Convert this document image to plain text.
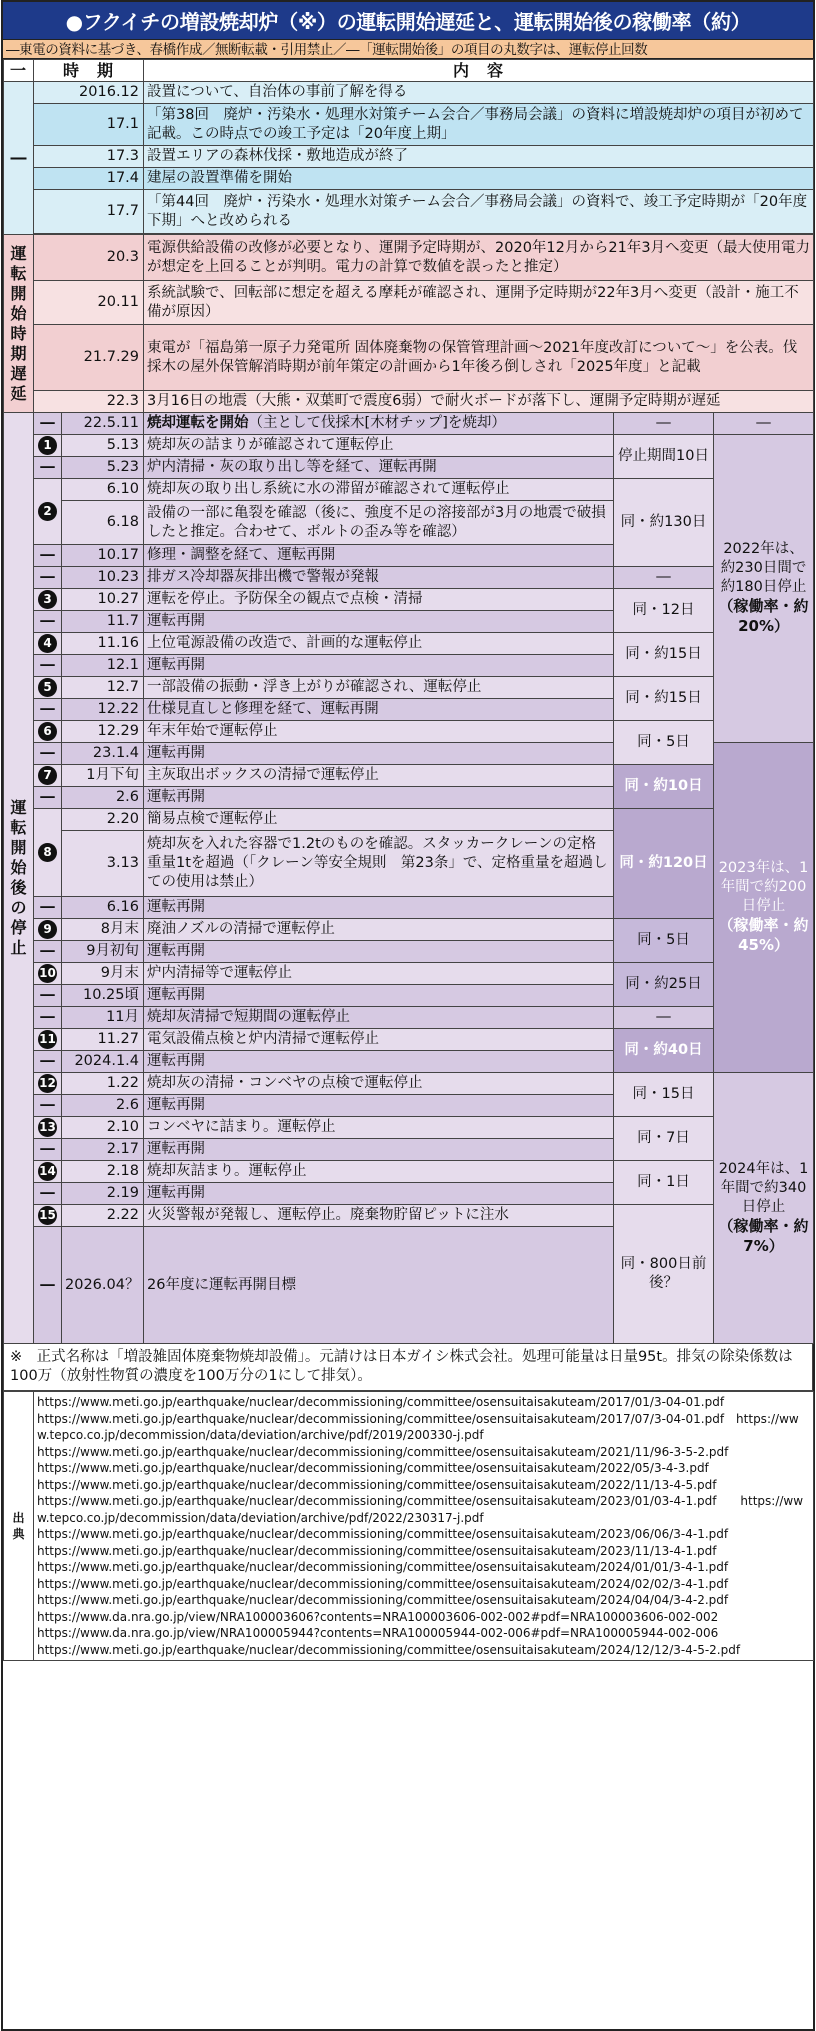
●フクイチの増設焼却炉（※）の運転開始遅延と、運転開始後の稼働率（約）
―東電の資料に基づき、春橋作成／無断転載・引用禁止／―「運転開始後」の項目の丸数字は、運転停止回数
一	時　期		内　容			
―	2016.12		設置について、自治体の事前了解を得る			
	17.1		「第38回　廃炉・汚染水・処理水対策チーム会合／事務局会議」の資料に増設焼却炉の項目が初めて記載。この時点での竣工予定は「20年度上期」			
	17.3		設置エリアの森林伐採・敷地造成が終了			
	17.4		建屋の設置準備を開始			
	17.7		「第44回　廃炉・汚染水・処理水対策チーム会合／事務局会議」の資料で、竣工予定時期が「20年度下期」へと改められる			

運転開始時期遅延	20.3		電源供給設備の改修が必要となり、運開予定時期が、2020年12月から21年3月へ変更（最大使用電力が想定を上回ることが判明。電力の計算で数値を誤ったと推定）			
	20.11		系統試験で、回転部に想定を超える摩耗が確認され、運開予定時期が22年3月へ変更（設計・施工不備が原因）			
	21.7.29		東電が「福島第一原子力発電所 固体廃棄物の保管管理計画～2021年度改訂について～」を公表。伐採木の屋外保管解消時期が前年策定の計画から1年後ろ倒しされ「2025年度」と記載			
	22.3		3月16日の地震（大熊・双葉町で震度6弱）で耐火ボードが落下し、運開予定時期が遅延			

運転開始後の停止	―	22.5.11	焼却運転を開始（主として伐採木[木材チップ]を焼却）	―	―	
	1	5.13	焼却灰の詰まりが確認されて運転停止	停止期間10日	2022年は、約230日間で約180日停止
（稼働率・約20%）	
	―	5.23	炉内清掃・灰の取り出し等を経て、運転再開			
	2	6.10	焼却灰の取り出し系統に水の滞留が確認されて運転停止	同・約130日		
		6.18	設備の一部に亀裂を確認（後に、強度不足の溶接部が3月の地震で破損したと推定。合わせて、ボルトの歪み等を確認）			
	―	10.17	修理・調整を経て、運転再開			
	―	10.23	排ガス冷却器灰排出機で警報が発報	―		
	3	10.27	運転を停止。予防保全の観点で点検・清掃	同・12日		
	―	11.7	運転再開			
	4	11.16	上位電源設備の改造で、計画的な運転停止	同・約15日		
	―	12.1	運転再開			
	5	12.7	一部設備の振動・浮き上がりが確認され、運転停止	同・約15日		
	―	12.22	仕様見直しと修理を経て、運転再開			
	6	12.29	年末年始で運転停止	同・5日		
	―	23.1.4	運転再開		2023年は、1年間で約200日停止
（稼働率・約45%）	
	7	1月下旬	主灰取出ボックスの清掃で運転停止	同・約10日		
	―	2.6	運転再開			
	8	2.20	簡易点検で運転停止	同・約120日		
		3.13	焼却灰を入れた容器で1.2tのものを確認。スタッカークレーンの定格重量1tを超過（「クレーン等安全規則　第23条」で、定格重量を超過しての使用は禁止）			
	―	6.16	運転再開			
	9	8月末	廃油ノズルの清掃で運転停止	同・5日		
	―	9月初旬	運転再開			
	10	9月末	炉内清掃等で運転停止	同・約25日		
	―	10.25頃	運転再開			
	―	11月	焼却灰清掃で短期間の運転停止	―		
	11	11.27	電気設備点検と炉内清掃で運転停止	同・約40日		
	―	2024.1.4	運転再開			
	12	1.22	焼却灰の清掃・コンベヤの点検で運転停止	同・15日	2024年は、1年間で約340日停止
（稼働率・約7%）	
	―	2.6	運転再開			
	13	2.10	コンベヤに詰まり。運転停止	同・7日		
	―	2.17	運転再開			
	14	2.18	焼却灰詰まり。運転停止	同・1日		
	―	2.19	運転再開			
	15	2.22	火災警報が発報し、運転停止。廃棄物貯留ピットに注水	同・800日前後？		
	―	2026.04？	26年度に運転再開目標	
※　正式名称は「増設雑固体廃棄物焼却設備」。元請けは日本ガイシ株式会社。処理可能量は日量95t。排気の除染係数は100万（放射性物質の濃度を100万分の1にして排気）。
出典

https://www.meti.go.jp/earthquake/nuclear/decommissioning/committee/osensuitaisakuteam/2017/01/3-04-01.pdf
https://www.meti.go.jp/earthquake/nuclear/decommissioning/committee/osensuitaisakuteam/2017/07/3-04-01.pdf　https://www.tepco.co.jp/decommission/data/deviation/archive/pdf/2019/200330-j.pdf
https://www.meti.go.jp/earthquake/nuclear/decommissioning/committee/osensuitaisakuteam/2021/11/96-3-5-2.pdf
https://www.meti.go.jp/earthquake/nuclear/decommissioning/committee/osensuitaisakuteam/2022/05/3-4-3.pdf
https://www.meti.go.jp/earthquake/nuclear/decommissioning/committee/osensuitaisakuteam/2022/11/13-4-5.pdf
https://www.meti.go.jp/earthquake/nuclear/decommissioning/committee/osensuitaisakuteam/2023/01/03-4-1.pdf　　https://www.tepco.co.jp/decommission/data/deviation/archive/pdf/2022/230317-j.pdf
https://www.meti.go.jp/earthquake/nuclear/decommissioning/committee/osensuitaisakuteam/2023/06/06/3-4-1.pdf
https://www.meti.go.jp/earthquake/nuclear/decommissioning/committee/osensuitaisakuteam/2023/11/13-4-1.pdf
https://www.meti.go.jp/earthquake/nuclear/decommissioning/committee/osensuitaisakuteam/2024/01/01/3-4-1.pdf
https://www.meti.go.jp/earthquake/nuclear/decommissioning/committee/osensuitaisakuteam/2024/02/02/3-4-1.pdf
https://www.meti.go.jp/earthquake/nuclear/decommissioning/committee/osensuitaisakuteam/2024/04/04/3-4-2.pdf
https://www.da.nra.go.jp/view/NRA100003606?contents=NRA100003606-002-002#pdf=NRA100003606-002-002
https://www.da.nra.go.jp/view/NRA100005944?contents=NRA100005944-002-006#pdf=NRA100005944-002-006
https://www.meti.go.jp/earthquake/nuclear/decommissioning/committee/osensuitaisakuteam/2024/12/12/3-4-5-2.pdf
